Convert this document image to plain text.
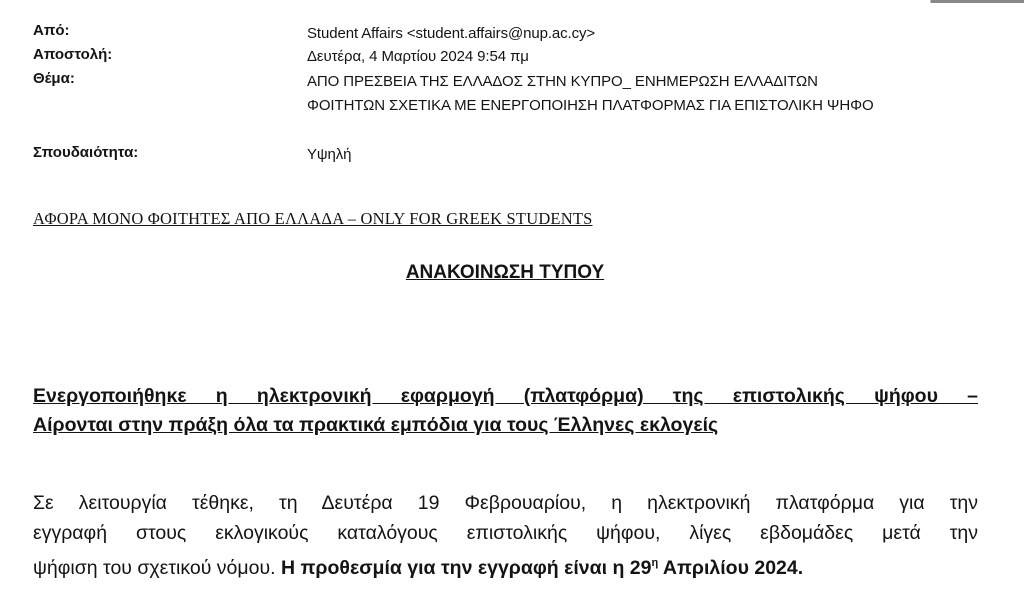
Από:	Student Affairs <student.affairs@nup.ac.cy>
Αποστολή:	Δευτέρα, 4 Μαρτίου 2024 9:54 πμ
Θέμα:	ΑΠΟ ΠΡΕΣΒΕΙΑ ΤΗΣ ΕΛΛΑΔΟΣ ΣΤΗΝ ΚΥΠΡΟ_ ΕΝΗΜΕΡΩΣΗ ΕΛΛΑΔΙΤΩΝ
ΦΟΙΤΗΤΩΝ ΣΧΕΤΙΚΑ ΜΕ ΕΝΕΡΓΟΠΟΙΗΣΗ ΠΛΑΤΦΟΡΜΑΣ ΓΙΑ ΕΠΙΣΤΟΛΙΚΗ ΨΗΦΟ
Σπουδαιότητα:	Υψηλή
ΑΦΟΡΑ ΜΟΝΟ ΦΟΙΤΗΤΕΣ ΑΠΟ ΕΛΛΑΔΑ – ONLY FOR GREEK STUDENTS
ΑΝΑΚΟΙΝΩΣΗ ΤΥΠΟΥ
Ενεργοποιήθηκε η ηλεκτρονική εφαρμογή (πλατφόρμα) της επιστολικής ψήφου –
Αίρονται στην πράξη όλα τα πρακτικά εμπόδια για τους Έλληνες εκλογείς
Σε λειτουργία τέθηκε, τη Δευτέρα 19 Φεβρουαρίου, η ηλεκτρονική πλατφόρμα για την
εγγραφή στους εκλογικούς καταλόγους επιστολικής ψήφου, λίγες εβδομάδες μετά την
ψήφιση του σχετικού νόμου. Η προθεσμία για την εγγραφή είναι η $29^\eta$ Απριλίου 2024.
